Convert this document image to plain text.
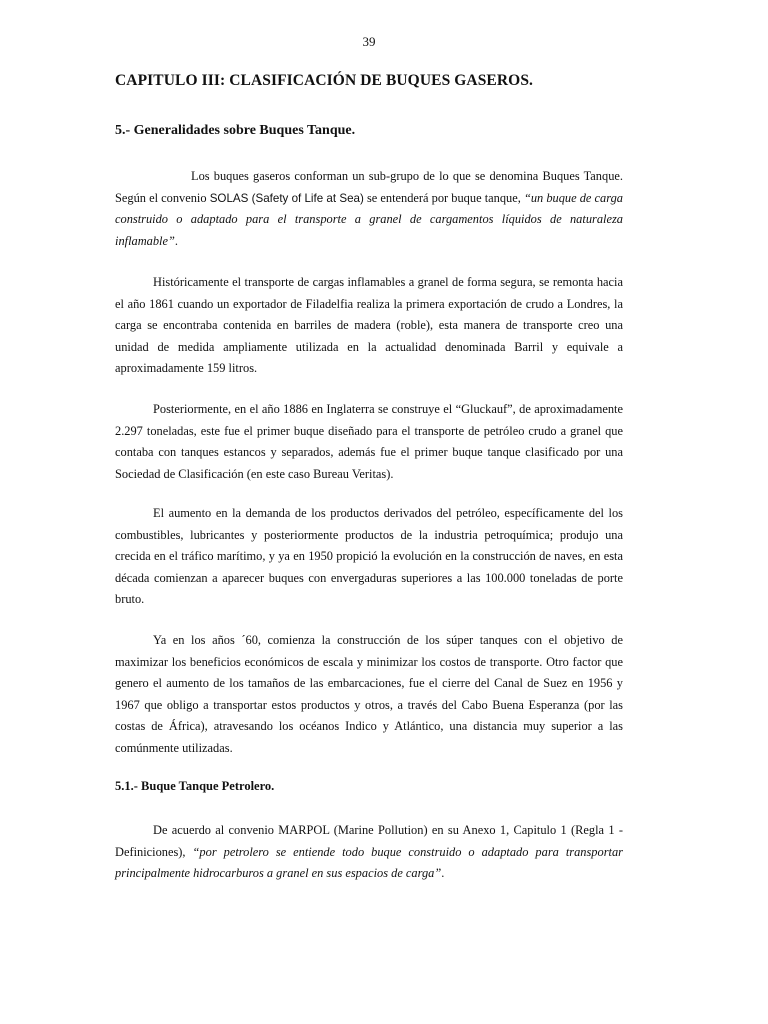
39
CAPITULO III: CLASIFICACIÓN DE BUQUES GASEROS.
5.- Generalidades sobre Buques Tanque.

Los buques gaseros conforman un sub-grupo de lo que se denomina Buques Tanque. Según el convenio SOLAS (Safety of Life at Sea) se entenderá por buque tanque, “un buque de carga construido o adaptado para el transporte a granel de cargamentos líquidos de naturaleza inflamable”.

Históricamente el transporte de cargas inflamables a granel de forma segura, se remonta hacia el año 1861 cuando un exportador de Filadelfia realiza la primera exportación de crudo a Londres, la carga se encontraba contenida en barriles de madera (roble), esta manera de transporte creo una unidad de medida ampliamente utilizada en la actualidad denominada Barril y equivale a aproximadamente 159 litros.

Posteriormente, en el año 1886 en Inglaterra se construye el “Gluckauf”, de aproximadamente 2.297 toneladas, este fue el primer buque diseñado para el transporte de petróleo crudo a granel que contaba con tanques estancos y separados, además fue el primer buque tanque clasificado por una Sociedad de Clasificación (en este caso Bureau Veritas).

El aumento en la demanda de los productos derivados del petróleo, específicamente del los combustibles, lubricantes y posteriormente productos de la industria petroquímica; produjo una crecida en el tráfico marítimo, y ya en 1950 propició la evolución en la construcción de naves, en esta década comienzan a aparecer buques con envergaduras superiores a las 100.000 toneladas de porte bruto.

Ya en los años ´60, comienza la construcción de los súper tanques con el objetivo de maximizar los beneficios económicos de escala y minimizar los costos de transporte. Otro factor que genero el aumento de los tamaños de las embarcaciones, fue el cierre del Canal de Suez en 1956 y 1967 que obligo a transportar estos productos y otros, a través del Cabo Buena Esperanza (por las costas de África), atravesando los océanos Indico y Atlántico, una distancia muy superior a las comúnmente utilizadas.

5.1.- Buque Tanque Petrolero.

De acuerdo al convenio MARPOL (Marine Pollution) en su Anexo 1, Capitulo 1 (Regla 1 - Definiciones), “por petrolero se entiende todo buque construido o adaptado para transportar principalmente hidrocarburos a granel en sus espacios de carga”.
